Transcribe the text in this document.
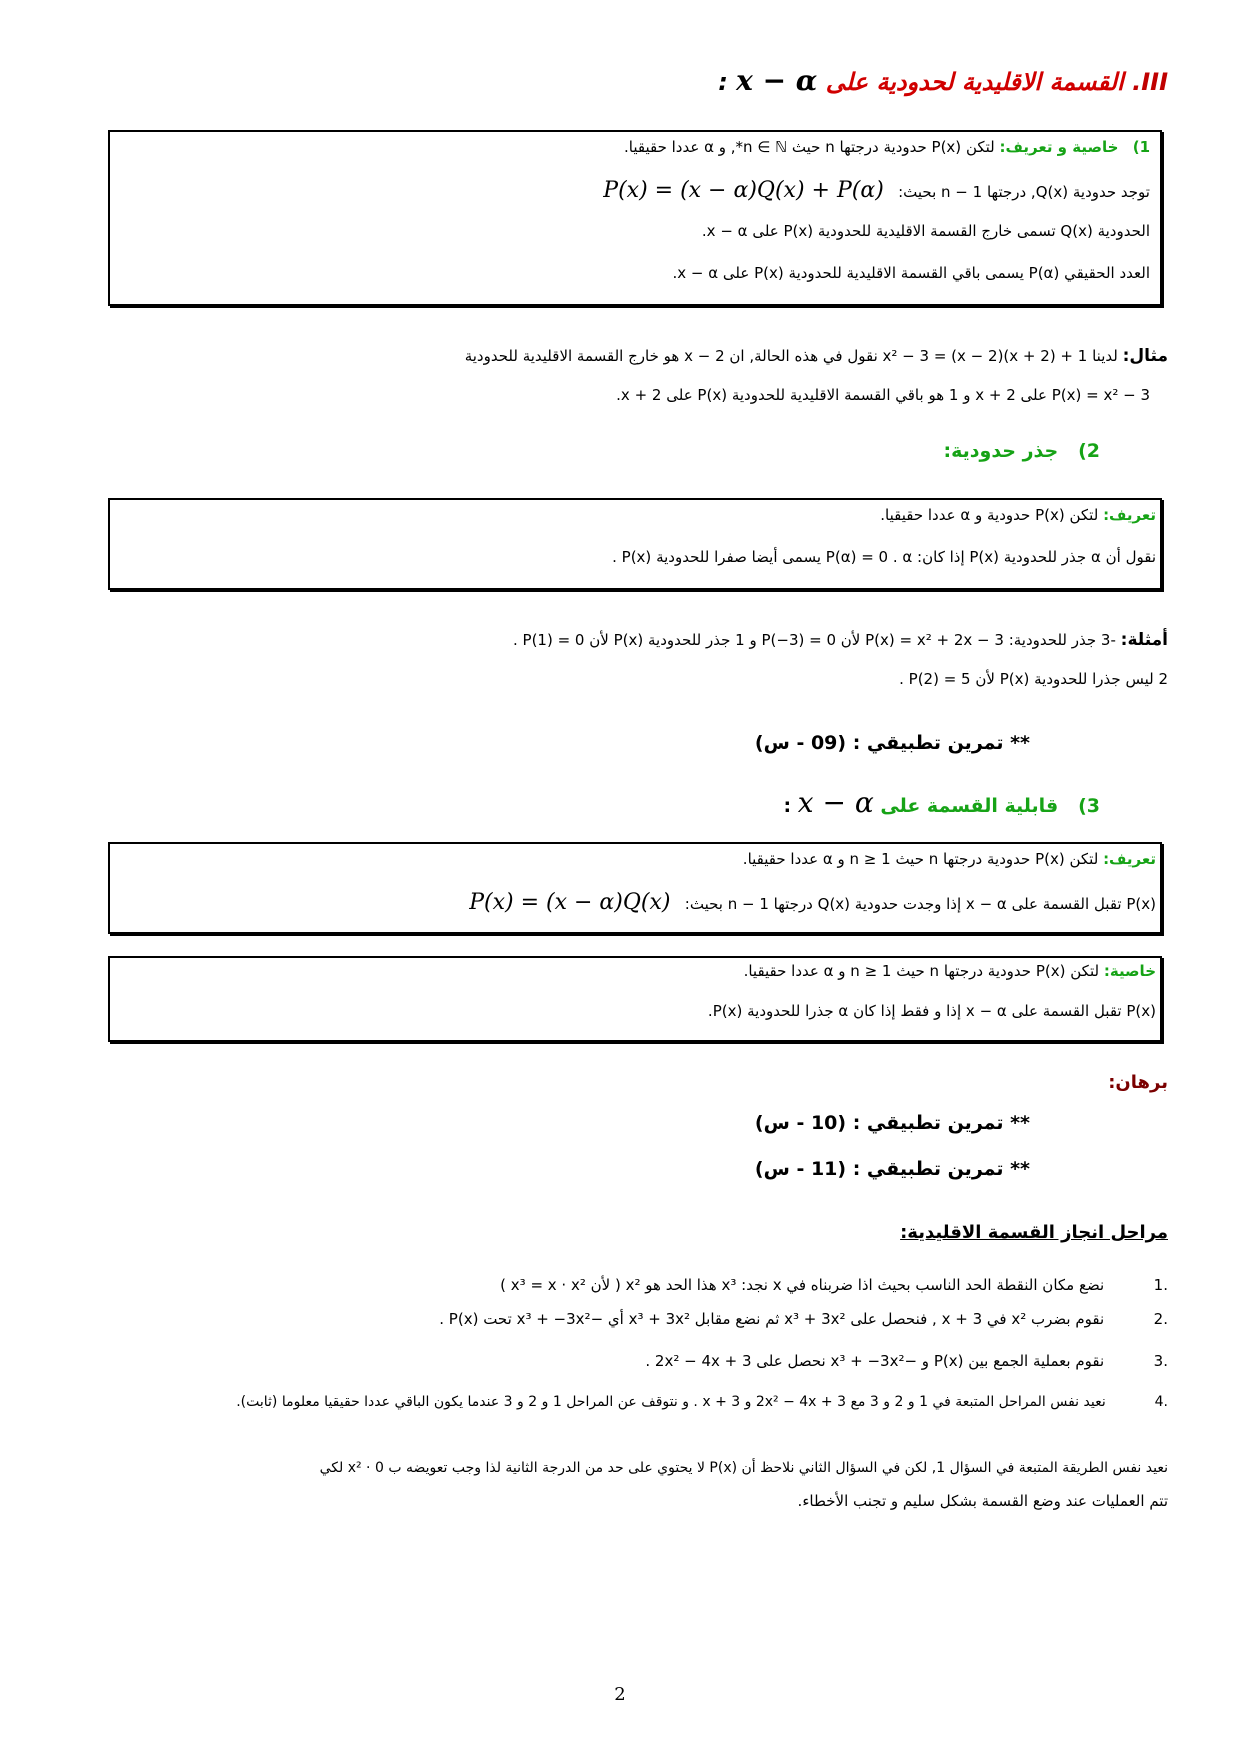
III. القسمة الاقليدية لحدودية على x − α :
1)   خاصية و تعريف: لتكن P(x) حدودية درجتها n حيث n ∈ ℕ*, و α عددا حقيقيا.
توجد حدودية Q(x), درجتها n − 1 بحيث:   P(x) = (x − α)Q(x) + P(α)
الحدودية Q(x) تسمى خارج القسمة الاقليدية للحدودية P(x) على x − α.
العدد الحقيقي P(α) يسمى باقي القسمة الاقليدية للحدودية P(x) على x − α.
مثال: لدينا 1 + (x + 2)(x − 2) = x² − 3 نقول في هذه الحالة, ان x − 2 هو خارج القسمة الاقليدية للحدودية
P(x) = x² − 3 على x + 2 و 1 هو باقي القسمة الاقليدية للحدودية P(x) على x + 2.
2)   جذر حدودية:
تعريف: لتكن P(x) حدودية و α عددا حقيقيا.
نقول أن α جذر للحدودية P(x) إذا كان: P(α) = 0 . α يسمى أيضا صفرا للحدودية P(x) .
أمثلة: -3 جذر للحدودية: P(x) = x² + 2x − 3 لأن P(−3) = 0 و 1 جذر للحدودية P(x) لأن P(1) = 0 .
2 ليس جذرا للحدودية P(x) لأن P(2) = 5 .
** تمرين تطبيقي : (09 - س)
3)   قابلية القسمة على x − α :
تعريف: لتكن P(x) حدودية درجتها n حيث n ≥ 1 و α عددا حقيقيا.
P(x) تقبل القسمة على x − α إذا وجدت حدودية Q(x) درجتها n − 1 بحيث:   P(x) = (x − α)Q(x)
خاصية: لتكن P(x) حدودية درجتها n حيث n ≥ 1 و α عددا حقيقيا.
P(x) تقبل القسمة على x − α إذا و فقط إذا كان α جذرا للحدودية P(x).
برهان:
** تمرين تطبيقي : (10 - س)
** تمرين تطبيقي : (11 - س)
مراحل انجاز القسمة الاقليدية:
.1     نضع مكان النقطة الحد الناسب بحيث اذا ضربناه في x نجد: x³ هذا الحد هو x² ( لأن x³ = x · x² )
.2     نقوم بضرب x² في x + 3 , فنحصل على x³ + 3x² ثم نضع مقابل x³ + 3x² أي −x³ + −3x² تحت P(x) .
.3     نقوم بعملية الجمع بين P(x) و −x³ + −3x² نحصل على 2x² − 4x + 3 .
.4     نعيد نفس المراحل المتبعة في 1 و 2 و 3 مع 2x² − 4x + 3 و x + 3 . و نتوقف عن المراحل 1 و 2 و 3 عندما يكون الباقي عددا حقيقيا معلوما (ثابت).
نعيد نفس الطريقة المتبعة في السؤال 1, لكن في السؤال الثاني نلاحظ أن P(x) لا يحتوي على حد من الدرجة الثانية لذا وجب تعويضه ب 0 · x² لكي
تتم العمليات عند وضع القسمة بشكل سليم و تجنب الأخطاء.
2
